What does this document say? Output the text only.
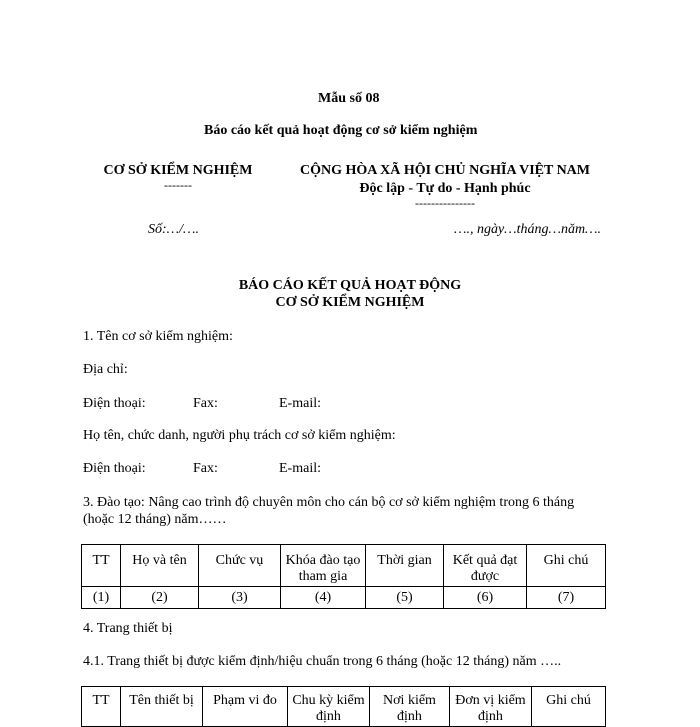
Mẫu số 08
Báo cáo kết quả hoạt động cơ sở kiểm nghiệm
CƠ SỞ KIỂM NGHIỆM
-------
CỘNG HÒA XÃ HỘI CHỦ NGHĨA VIỆT NAM
Độc lập - Tự do - Hạnh phúc
---------------
Số:…/….	…., ngày…tháng…năm….
BÁO CÁO KẾT QUẢ HOẠT ĐỘNG
CƠ SỞ KIỂM NGHIỆM
1. Tên cơ sở kiểm nghiệm:
Địa chỉ:
Điện thoại:	Fax:	E-mail:
Họ tên, chức danh, người phụ trách cơ sở kiểm nghiệm:
Điện thoại:	Fax:	E-mail:
3. Đào tạo: Nâng cao trình độ chuyên môn cho cán bộ cơ sở kiểm nghiệm trong 6 tháng
(hoặc 12 tháng) năm……
TT	Họ và tên	Chức vụ	Khóa đào tạo tham gia	Thời gian	Kết quả đạt được	Ghi chú
(1)	(2)	(3)	(4)	(5)	(6)	(7)
4. Trang thiết bị
4.1. Trang thiết bị được kiểm định/hiệu chuẩn trong 6 tháng (hoặc 12 tháng) năm …..
TT	Tên thiết bị	Phạm vi đo	Chu kỳ kiểm định	Nơi kiểm định	Đơn vị kiểm định	Ghi chú
